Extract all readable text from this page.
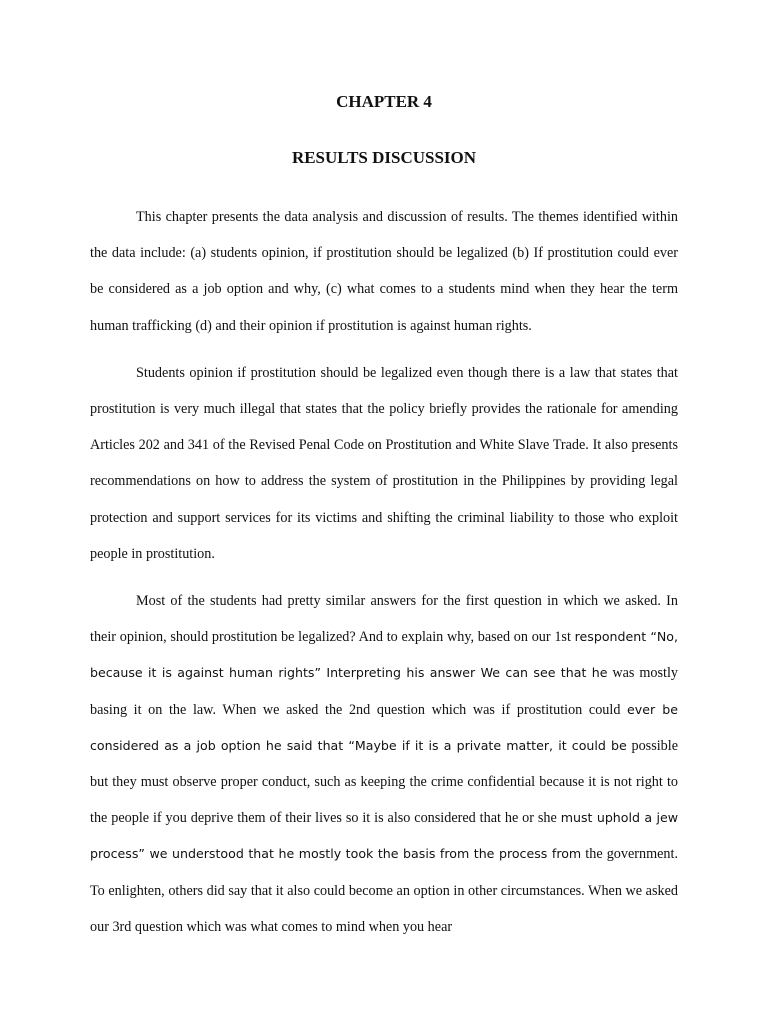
CHAPTER 4
RESULTS DISCUSSION

This chapter presents the data analysis and discussion of results. The themes identified within the data include: (a) students opinion, if prostitution should be legalized (b) If prostitution could ever be considered as a job option and why, (c) what comes to a students mind when they hear the term human trafficking (d) and their opinion if prostitution is against human rights.

Students opinion if prostitution should be legalized even though there is a law that states that prostitution is very much illegal that states that the policy briefly provides the rationale for amending Articles 202 and 341 of the Revised Penal Code on Prostitution and White Slave Trade. It also presents recommendations on how to address the system of prostitution in the Philippines by providing legal protection and support services for its victims and shifting the criminal liability to those who exploit people in prostitution.

Most of the students had pretty similar answers for the first question in which we asked. In their opinion, should prostitution be legalized? And to explain why, based on our 1st respondent “No, because it is against human rights” Interpreting his answer We can see that he was mostly basing it on the law. When we asked the 2nd question which was if prostitution could ever be considered as a job option he said that “Maybe if it is a private matter, it could be possible but they must observe proper conduct, such as keeping the crime confidential because it is not right to the people if you deprive them of their lives so it is also considered that he or she must uphold a jew process” we understood that he mostly took the basis from the process from the government. To enlighten, others did say that it also could become an option in other circumstances. When we asked our 3rd question which was what comes to mind when you hear
